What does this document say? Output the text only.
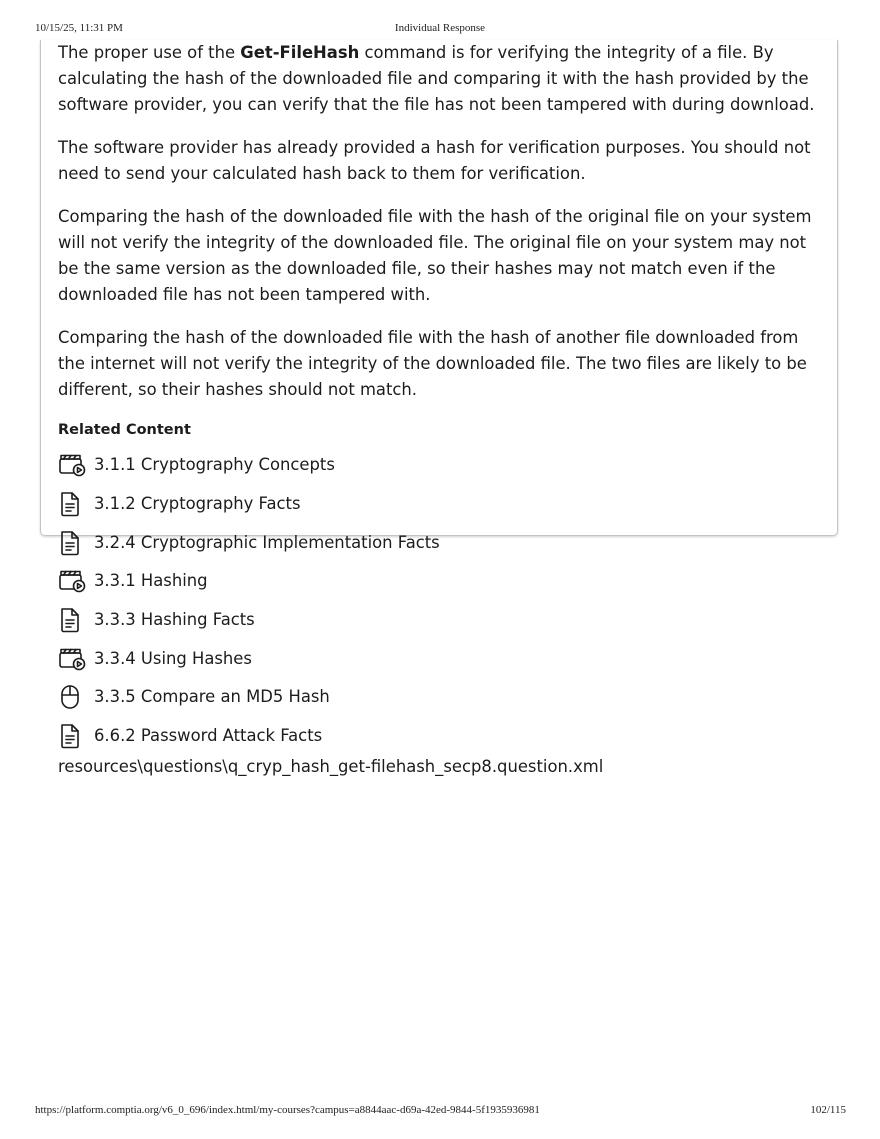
10/15/25, 11:31 PM	Individual Response

The proper use of the Get-FileHash command is for verifying the integrity of a file. By calculating the hash of the downloaded file and comparing it with the hash provided by the software provider, you can verify that the file has not been tampered with during download.

The software provider has already provided a hash for verification purposes. You should not need to send your calculated hash back to them for verification.

Comparing the hash of the downloaded file with the hash of the original file on your system will not verify the integrity of the downloaded file. The original file on your system may not be the same version as the downloaded file, so their hashes may not match even if the downloaded file has not been tampered with.

Comparing the hash of the downloaded file with the hash of another file downloaded from the internet will not verify the integrity of the downloaded file. The two files are likely to be different, so their hashes should not match.

Related Content
3.1.1 Cryptography Concepts
3.1.2 Cryptography Facts
3.2.4 Cryptographic Implementation Facts
3.3.1 Hashing
3.3.3 Hashing Facts
3.3.4 Using Hashes
3.3.5 Compare an MD5 Hash
6.6.2 Password Attack Facts
resources\questions\q_cryp_hash_get-filehash_secp8.question.xml
https://platform.comptia.org/v6_0_696/index.html/my-courses?campus=a8844aac-d69a-42ed-9844-5f1935936981	102/115
